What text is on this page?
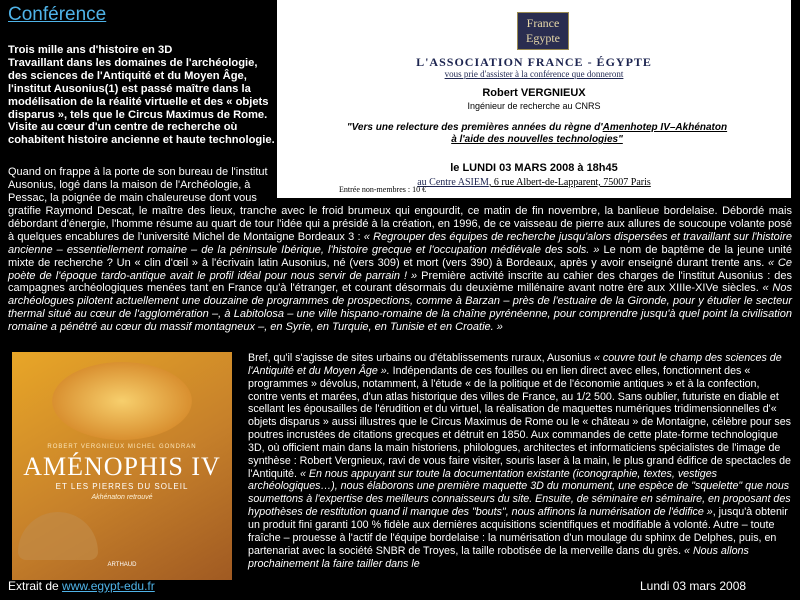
Conférence
Trois mille ans d'histoire en 3D
Travaillant dans les domaines de l'archéologie, des sciences de l'Antiquité et du Moyen Âge, l'institut Ausonius(1) est passé maître dans la modélisation de la réalité virtuelle et des « objets disparus », tels que le Circus Maximus de Rome. Visite au cœur d'un centre de recherche où cohabitent histoire ancienne et haute technologie.
Quand on frappe à la porte de son bureau de l'institut Ausonius, logé dans la maison de l'Archéologie, à Pessac, la poignée de main chaleureuse dont vous
France
Egypte
L'ASSOCIATION FRANCE - ÉGYPTE
vous prie d'assister à la conférence que donneront
Robert VERGNIEUX
Ingénieur de recherche au CNRS
"Vers une relecture des premières années du règne d'Amenhotep IV–Akhénaton
à l'aide des nouvelles technologies"
le LUNDI 03 MARS 2008 à 18h45
au Centre ASIEM, 6 rue Albert-de-Lapparent, 75007 Paris
Entrée non-membres : 10 €
gratifie Raymond Descat, le maître des lieux, tranche avec le froid brumeux qui engourdit, ce matin de fin novembre, la banlieue bordelaise. Débordé mais débordant d'énergie, l'homme résume au quart de tour l'idée qui a présidé à la création, en 1996, de ce vaisseau de pierre aux allures de soucoupe volante posé à quelques encablures de l'université Michel de Montaigne Bordeaux 3 : « Regrouper des équipes de recherche jusqu'alors dispersées et travaillant sur l'histoire ancienne – essentiellement romaine – de la péninsule Ibérique, l'histoire grecque et l'occupation médiévale des sols. » Le nom de baptême de la jeune unité mixte de recherche ? Un « clin d'œil » à l'écrivain latin Ausonius, né (vers 309) et mort (vers 390) à Bordeaux, après y avoir enseigné durant trente ans. « Ce poète de l'époque tardo-antique avait le profil idéal pour nous servir de parrain ! » Première activité inscrite au cahier des charges de l'institut Ausonius : des campagnes archéologiques menées tant en France qu'à l'étranger, et courant désormais du deuxième millénaire avant notre ère aux XIIIe-XIVe siècles. « Nos archéologues pilotent actuellement une douzaine de programmes de prospections, comme à Barzan – près de l'estuaire de la Gironde, pour y étudier le secteur thermal situé au cœur de l'agglomération –, à Labitolosa – une ville hispano-romaine de la chaîne pyrénéenne, pour comprendre jusqu'à quel point la civilisation romaine a pénétré au cœur du massif montagneux –, en Syrie, en Turquie, en Tunisie et en Croatie. »
ROBERT VERGNIEUX MICHEL GONDRAN
AMÉNOPHIS IV
ET LES PIERRES DU SOLEIL
Akhénaton retrouvé
ARTHAUD
Bref, qu'il s'agisse de sites urbains ou d'établissements ruraux, Ausonius « couvre tout le champ des sciences de l'Antiquité et du Moyen Âge ». Indépendants de ces fouilles ou en lien direct avec elles, fonctionnent des « programmes » dévolus, notamment, à l'étude « de la politique et de l'économie antiques » et à la confection, contre vents et marées, d'un atlas historique des villes de France, au 1/2 500. Sans oublier, futuriste en diable et scellant les épousailles de l'érudition et du virtuel, la réalisation de maquettes numériques tridimensionnelles d'« objets disparus » aussi illustres que le Circus Maximus de Rome ou le « château » de Montaigne, célèbre pour ses poutres incrustées de citations grecques et détruit en 1850. Aux commandes de cette plate-forme technologique 3D, où officient main dans la main historiens, philologues, architectes et informaticiens spécialistes de l'image de synthèse : Robert Vergnieux, ravi de vous faire visiter, souris laser à la main, le plus grand édifice de spectacles de l'Antiquité. « En nous appuyant sur toute la documentation existante (iconographie, textes, vestiges archéologiques…), nous élaborons une première maquette 3D du monument, une espèce de "squelette" que nous soumettons à l'expertise des meilleurs connaisseurs du site. Ensuite, de séminaire en séminaire, en proposant des hypothèses de restitution quand il manque des "bouts", nous affinons la numérisation de l'édifice », jusqu'à obtenir un produit fini garanti 100 % fidèle aux dernières acquisitions scientifiques et modifiable à volonté. Autre – toute fraîche – prouesse à l'actif de l'équipe bordelaise : la numérisation d'un moulage du sphinx de Delphes, puis, en partenariat avec la société SNBR de Troyes, la taille robotisée de la merveille dans du grès. « Nous allons prochainement la faire tailler dans le
Extrait de www.egypt-edu.fr	Lundi 03 mars 2008
